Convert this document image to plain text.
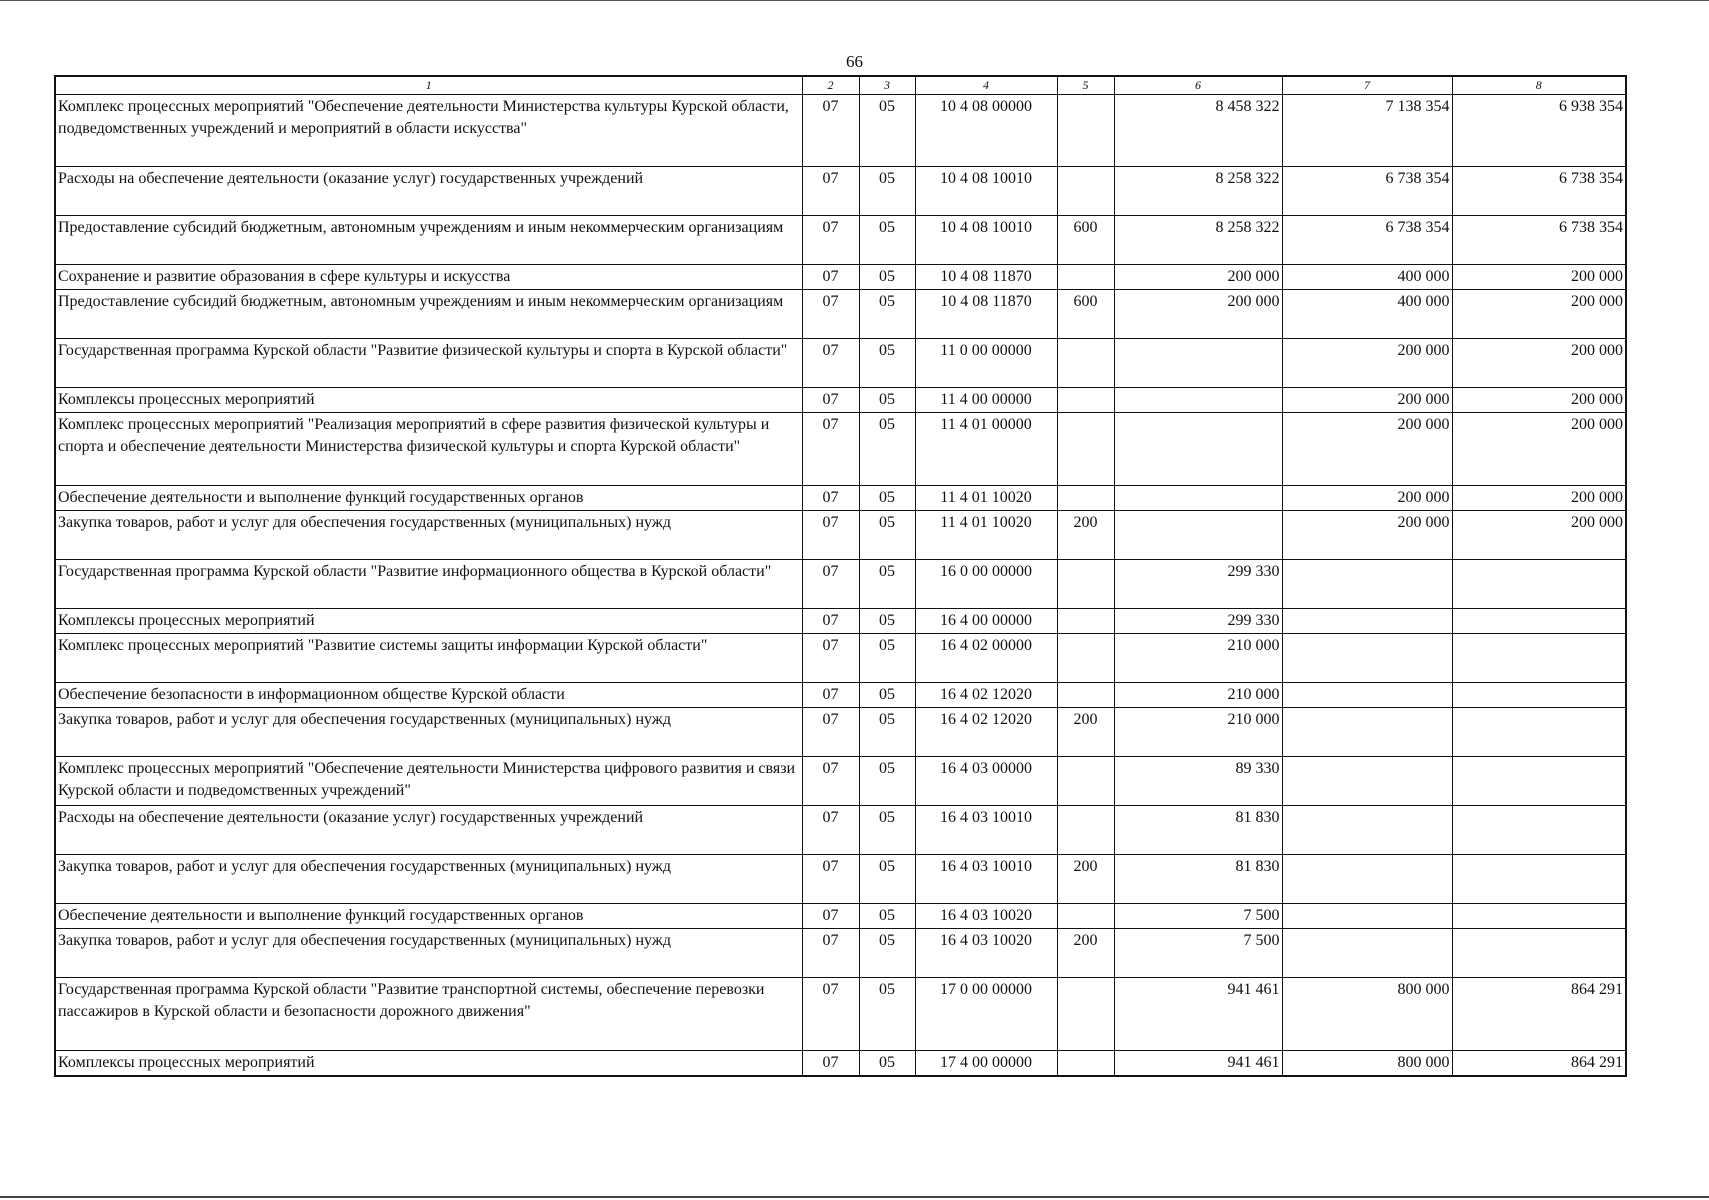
66
1	2	3	4	5	6	7	8
Комплекс процессных мероприятий "Обеспечение деятельности Министерства культуры Курской области, подведомственных учреждений и мероприятий в области искусства"	07	05	10 4 08 00000		8 458 322	7 138 354	6 938 354
Расходы на обеспечение деятельности (оказание услуг) государственных учреждений	07	05	10 4 08 10010		8 258 322	6 738 354	6 738 354
Предоставление субсидий бюджетным, автономным учреждениям и иным некоммерческим организациям	07	05	10 4 08 10010	600	8 258 322	6 738 354	6 738 354
Сохранение и развитие образования в сфере культуры и искусства	07	05	10 4 08 11870		200 000	400 000	200 000
Предоставление субсидий бюджетным, автономным учреждениям и иным некоммерческим организациям	07	05	10 4 08 11870	600	200 000	400 000	200 000
Государственная программа Курской области "Развитие физической культуры и спорта в Курской области"	07	05	11 0 00 00000			200 000	200 000
Комплексы процессных мероприятий	07	05	11 4 00 00000			200 000	200 000
Комплекс процессных мероприятий "Реализация мероприятий в сфере развития физической культуры и спорта и обеспечение деятельности Министерства физической культуры и спорта Курской области"	07	05	11 4 01 00000			200 000	200 000
Обеспечение деятельности и выполнение функций государственных органов	07	05	11 4 01 10020			200 000	200 000
Закупка товаров, работ и услуг для обеспечения государственных (муниципальных) нужд	07	05	11 4 01 10020	200		200 000	200 000
Государственная программа Курской области "Развитие информационного общества в Курской области"	07	05	16 0 00 00000		299 330		
Комплексы процессных мероприятий	07	05	16 4 00 00000		299 330		
Комплекс процессных мероприятий "Развитие системы защиты информации Курской области"	07	05	16 4 02 00000		210 000		
Обеспечение безопасности в информационном обществе Курской области	07	05	16 4 02 12020		210 000		
Закупка товаров, работ и услуг для обеспечения государственных (муниципальных) нужд	07	05	16 4 02 12020	200	210 000		
Комплекс процессных мероприятий "Обеспечение деятельности Министерства цифрового развития и связи Курской области и подведомственных учреждений"	07	05	16 4 03 00000		89 330		
Расходы на обеспечение деятельности (оказание услуг) государственных учреждений	07	05	16 4 03 10010		81 830		
Закупка товаров, работ и услуг для обеспечения государственных (муниципальных) нужд	07	05	16 4 03 10010	200	81 830		
Обеспечение деятельности и выполнение функций государственных органов	07	05	16 4 03 10020		7 500		
Закупка товаров, работ и услуг для обеспечения государственных (муниципальных) нужд	07	05	16 4 03 10020	200	7 500		
Государственная программа Курской области "Развитие транспортной системы, обеспечение перевозки пассажиров в Курской области и безопасности дорожного движения"	07	05	17 0 00 00000		941 461	800 000	864 291
Комплексы процессных мероприятий	07	05	17 4 00 00000		941 461	800 000	864 291
